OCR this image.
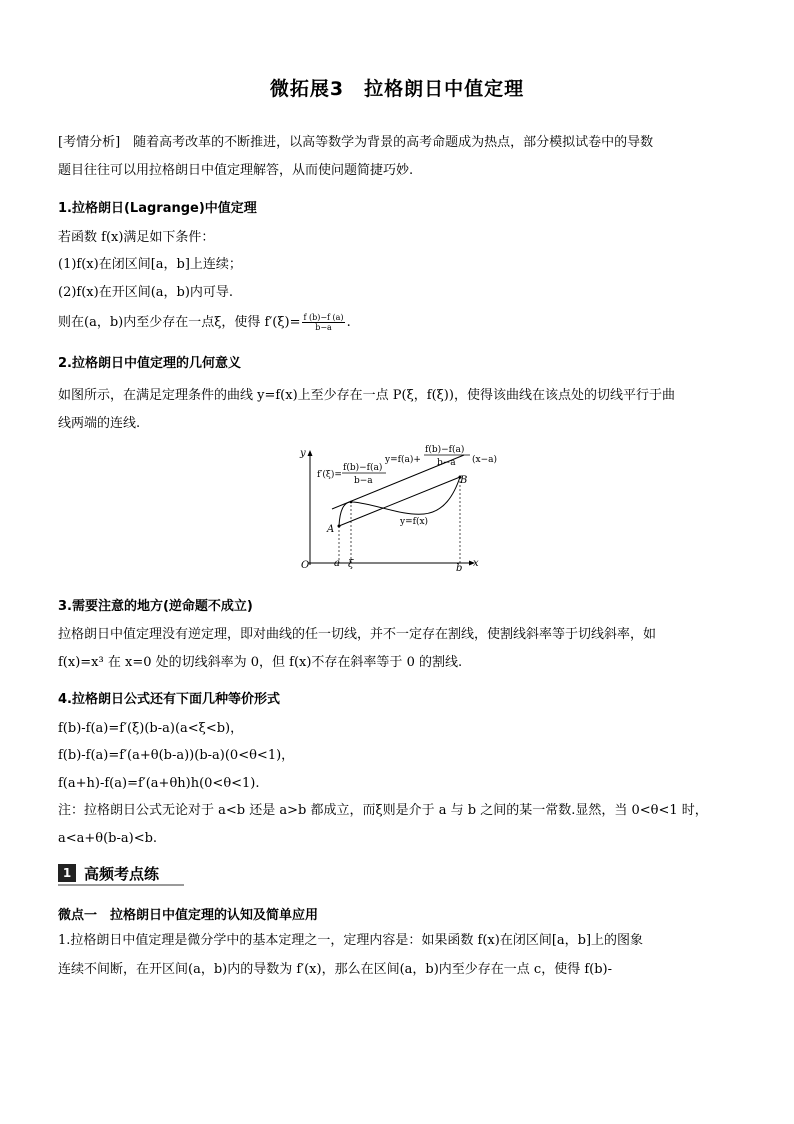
微拓展3　拉格朗日中值定理
[考情分析]　随着高考改革的不断推进，以高等数学为背景的高考命题成为热点，部分模拟试卷中的导数
题目往往可以用拉格朗日中值定理解答，从而使问题简捷巧妙.
1.拉格朗日(Lagrange)中值定理
若函数 f(x)满足如下条件：
(1)f(x)在闭区间[a，b]上连续；
(2)f(x)在开区间(a，b)内可导.
则在(a，b)内至少存在一点ξ，使得 $f'(\xi)= \frac{f (b)-f (a)}{b-a}$ .
2.拉格朗日中值定理的几何意义
如图所示，在满足定理条件的曲线 y=f(x)上至少存在一点 P(ξ，f(ξ))，使得该曲线在该点处的切线平行于曲
线两端的连线.
y
x
O a ξ	b
A
B
y=f(x)
y=f(a)+
f(b)−f(a)
b−a (x−a)
f′(ξ)=
f(b)−f(a)
b−a
3.需要注意的地方(逆命题不成立)
拉格朗日中值定理没有逆定理，即对曲线的任一切线，并不一定存在割线，使割线斜率等于切线斜率，如
f(x)=x³ 在 x=0 处的切线斜率为 0，但 f(x)不存在斜率等于 0 的割线.
4.拉格朗日公式还有下面几种等价形式
f(b)-f(a)=f′(ξ)(b-a)(a<ξ<b)，
f(b)-f(a)=f′(a+θ(b-a))(b-a)(0<θ<1)，
f(a+h)-f(a)=f′(a+θh)h(0<θ<1).
注：拉格朗日公式无论对于 a<b 还是 a>b 都成立，而ξ则是介于 a 与 b 之间的某一常数.显然，当 0<θ<1 时，
a<a+θ(b-a)<b.
1 高频考点练
微点一　拉格朗日中值定理的认知及简单应用
1.拉格朗日中值定理是微分学中的基本定理之一，定理内容是：如果函数 f(x)在闭区间[a，b]上的图象
连续不间断，在开区间(a，b)内的导数为 f′(x)，那么在区间(a，b)内至少存在一点 c，使得 f(b)-
